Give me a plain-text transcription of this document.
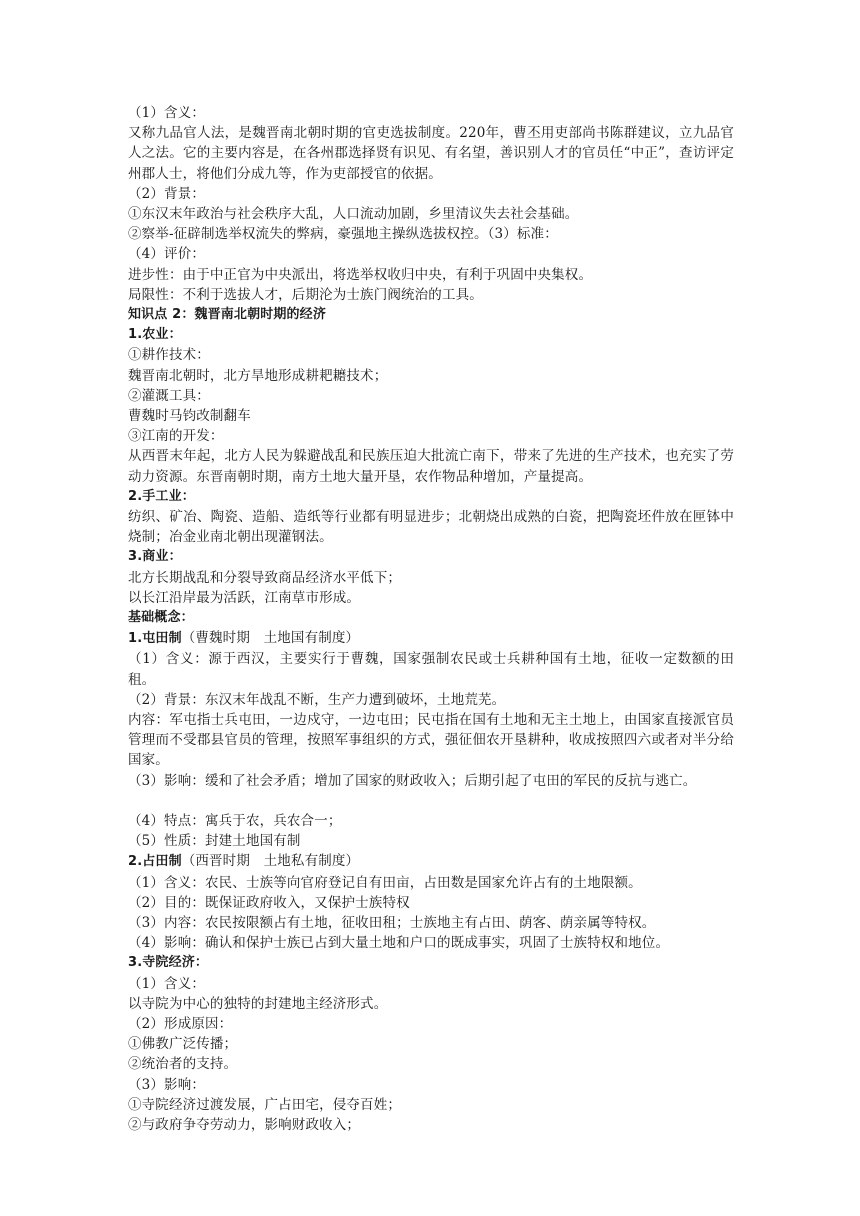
（1）含义：
又称九品官人法，是魏晋南北朝时期的官吏选拔制度。220年，曹丕用吏部尚书陈群建议，立九品官人之法。它的主要内容是，在各州郡选择贤有识见、有名望，善识别人才的官员任“中正”，查访评定州郡人士，将他们分成九等，作为吏部授官的依据。
（2）背景：
①东汉末年政治与社会秩序大乱，人口流动加剧，乡里清议失去社会基础。
②察举-征辟制选举权流失的弊病，豪强地主操纵选拔权控。（3）标准：
（4）评价：
进步性：由于中正官为中央派出，将选举权收归中央，有利于巩固中央集权。
局限性：不利于选拔人才，后期沦为士族门阀统治的工具。
知识点 2：魏晋南北朝时期的经济
1.农业：
①耕作技术：
魏晋南北朝时，北方旱地形成耕耙耱技术；
②灌溉工具：
曹魏时马钧改制翻车
③江南的开发：
从西晋末年起，北方人民为躲避战乱和民族压迫大批流亡南下，带来了先进的生产技术，也充实了劳动力资源。东晋南朝时期，南方土地大量开垦，农作物品种增加，产量提高。
2.手工业：
纺织、矿冶、陶瓷、造船、造纸等行业都有明显进步；北朝烧出成熟的白瓷，把陶瓷坯件放在匣钵中烧制；冶金业南北朝出现灌钢法。
3.商业：
北方长期战乱和分裂导致商品经济水平低下；
以长江沿岸最为活跃，江南草市形成。
基础概念：
1.屯田制（曹魏时期　土地国有制度）
（1）含义：源于西汉，主要实行于曹魏，国家强制农民或士兵耕种国有土地，征收一定数额的田租。
（2）背景：东汉末年战乱不断，生产力遭到破坏，土地荒芜。
内容：军屯指士兵屯田，一边戍守，一边屯田；民屯指在国有土地和无主土地上，由国家直接派官员管理而不受郡县官员的管理，按照军事组织的方式，强征佃农开垦耕种，收成按照四六或者对半分给国家。
（3）影响：缓和了社会矛盾；增加了国家的财政收入；后期引起了屯田的军民的反抗与逃亡。
（4）特点：寓兵于农，兵农合一；
（5）性质：封建土地国有制
2.占田制（西晋时期　土地私有制度）
（1）含义：农民、士族等向官府登记自有田亩，占田数是国家允许占有的土地限额。
（2）目的：既保证政府收入，又保护士族特权
（3）内容：农民按限额占有土地，征收田租；士族地主有占田、荫客、荫亲属等特权。
（4）影响：确认和保护士族已占到大量土地和户口的既成事实，巩固了士族特权和地位。
3.寺院经济：
（1）含义：
以寺院为中心的独特的封建地主经济形式。
（2）形成原因：
①佛教广泛传播；
②统治者的支持。
（3）影响：
①寺院经济过渡发展，广占田宅，侵夺百姓；
②与政府争夺劳动力，影响财政收入；
